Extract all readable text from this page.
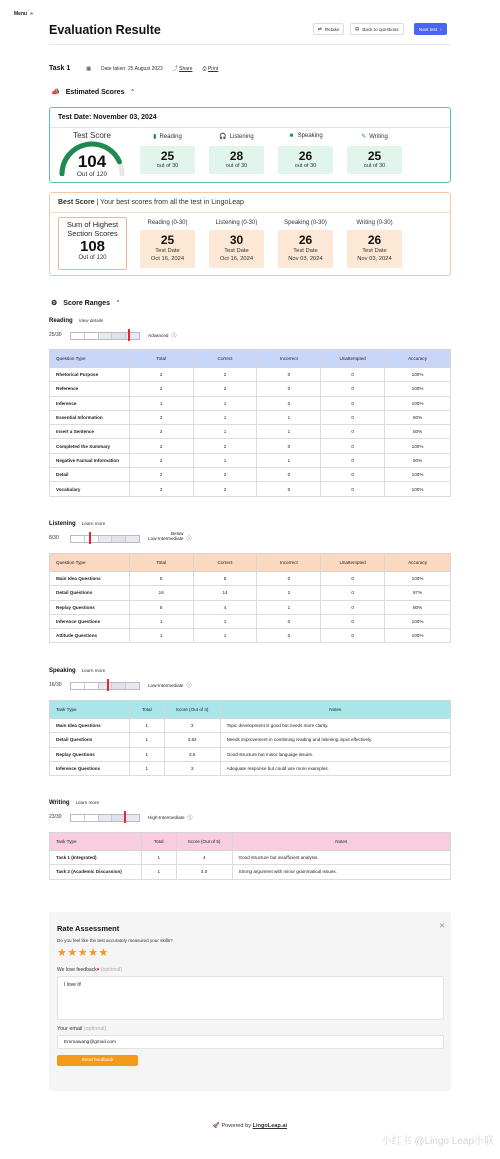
Menu »
Evaluation Resulte	⇄ Retake	▤ Back to questions	Next test ›
Task 1	▦ Date taken: 25 August 2023 ⤴ Share ⎙ Print
📣 Estimated Scores ⌃
Test Date: November 03, 2024
Test Score
104
Out of 120
▮ Reading
25
out of 30
🎧 Listening
28
out of 30
☻ Speaking
26
out of 30
✎ Writing
25
out of 30
Best Score | Your best scores from all the test in LingoLeap
Sum of Highest Section Scores
108
Out of 120
Reading (0-30)
25
Test Date
Oct 16, 2024
Listening (0-30)
30
Test Date
Oct 16, 2024
Speaking (0-30)
26
Test Date
Nov 03, 2024
Writing (0-30)
26
Test Date
Nov 03, 2024
⚙ Score Ranges ⌃
Reading View details
25/30	Advanced ⓘ
Question Type	Total	Correct	Incorrect	Unattempted	Accuracy
Rhetorical Purpose	2	2	0	0	100%
Reference	2	2	0	0	100%
Inference	1	1	0	0	100%
Essential Information	2	1	1	0	50%
Insert a Sentence	2	1	1	0	50%
Completed the Summary	2	2	0	0	100%
Negative Factual Information	2	1	1	0	50%
Detail	2	2	0	0	100%
Vocabulary	2	2	0	0	100%
Listening Learn more
8/30
Below
Low-Intermediate ⓘ
Question Type	Total	Correct	Incorrect	Unattempted	Accuracy
Main Idea Questions	5	5	0	0	100%
Detail Questions	16	14	2	0	87%
Replay Questions	5	4	1	0	80%
Inference Questions	1	1	0	0	100%
Attitude Questions	1	1	0	0	100%
Speaking Learn more
16/30	Low-Intermediate ⓘ
Task Type	Total	Score (Out of 4)	Notes
Main Idea Questions	1	3	Topic development is good but needs more clarity.
Detail Questions	1	3.82	Needs improvement in combining reading and listening input effectively.
Replay Questions	1	3.5	Good structure but minor language issues.
Inference Questions	1	3	Adequate response but could use more examples.
Writing Learn more
23/30	High-Intermediate ⓘ
Task Type	Total	Score (Out of 5)	Notes
Task 1 (Integrated)	1	4	Good structure but insufficient analysis.
Task 2 (Academic Discussion)	1	4.0	Strong argument with minor grammatical issues.
Rate Assessment	✕
Do you feel like the test accurately measured your skills?
★★★★★
We love feedback♥ (optional)
I love it!
Your email (optional)
Emmawang@gmail.com
Send feedback
🚀 Powered by LingoLeap.ai
小红书 @Lingo Leap小联
